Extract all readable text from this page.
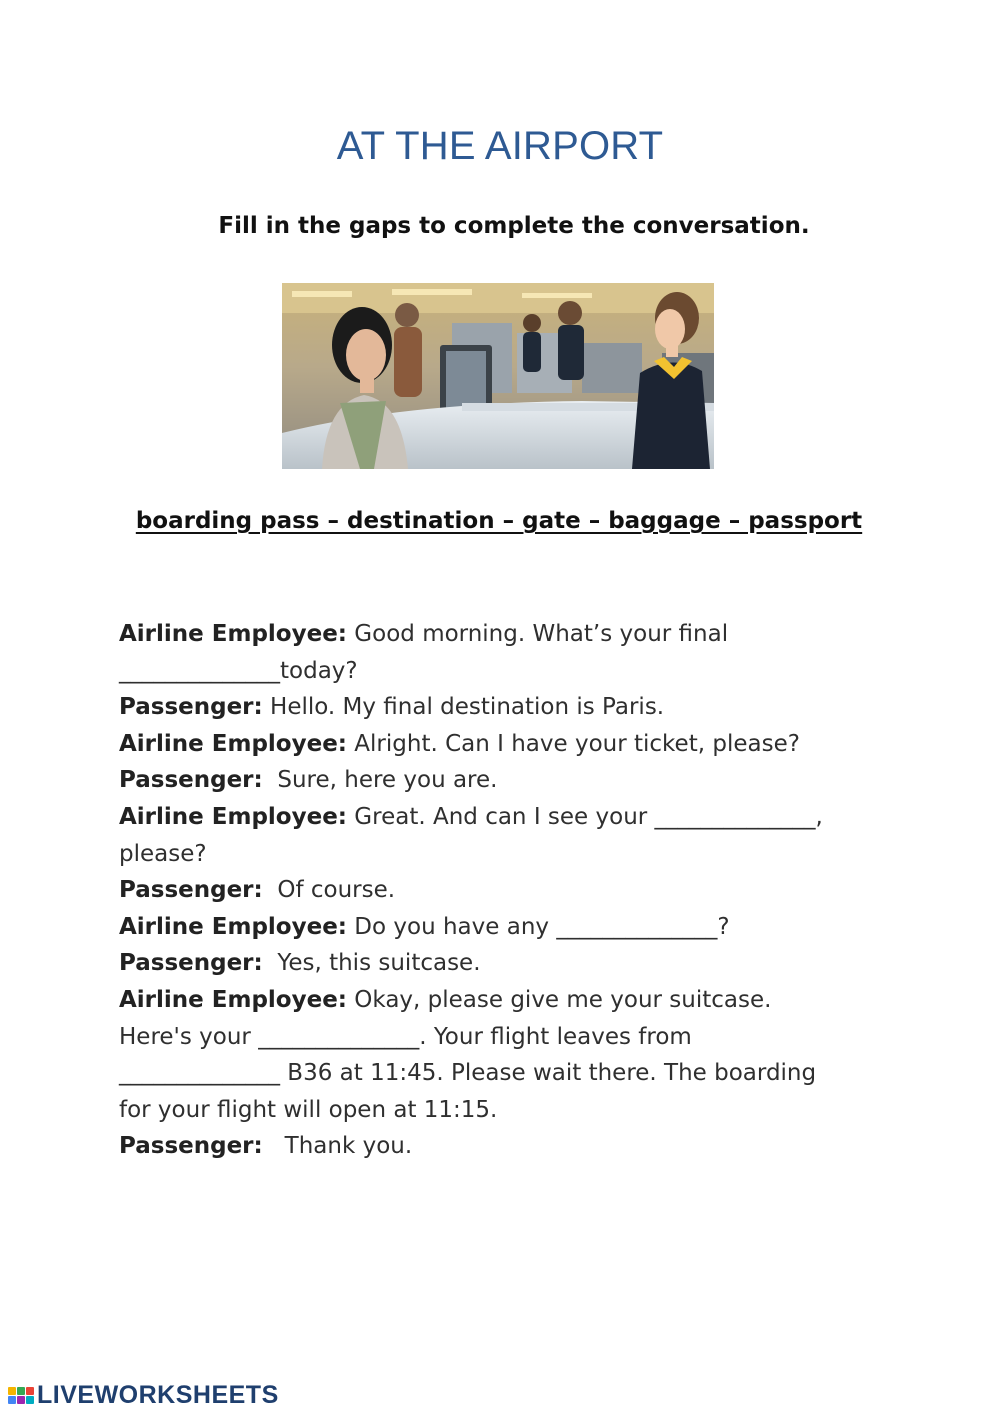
AT THE AIRPORT
Fill in the gaps to complete the conversation.
boarding pass – destination – gate – baggage – passport
Airline Employee: Good morning. What’s your final
______________today?
Passenger: Hello. My final destination is Paris.
Airline Employee: Alright. Can I have your ticket, please?
Passenger:  Sure, here you are.
Airline Employee: Great. And can I see your ______________,
please?
Passenger:  Of course.
Airline Employee: Do you have any ______________?
Passenger:  Yes, this suitcase.
Airline Employee: Okay, please give me your suitcase.
Here's your ______________. Your flight leaves from
______________ B36 at 11:45. Please wait there. The boarding
for your flight will open at 11:15.
Passenger:   Thank you.
LIVEWORKSHEETS
